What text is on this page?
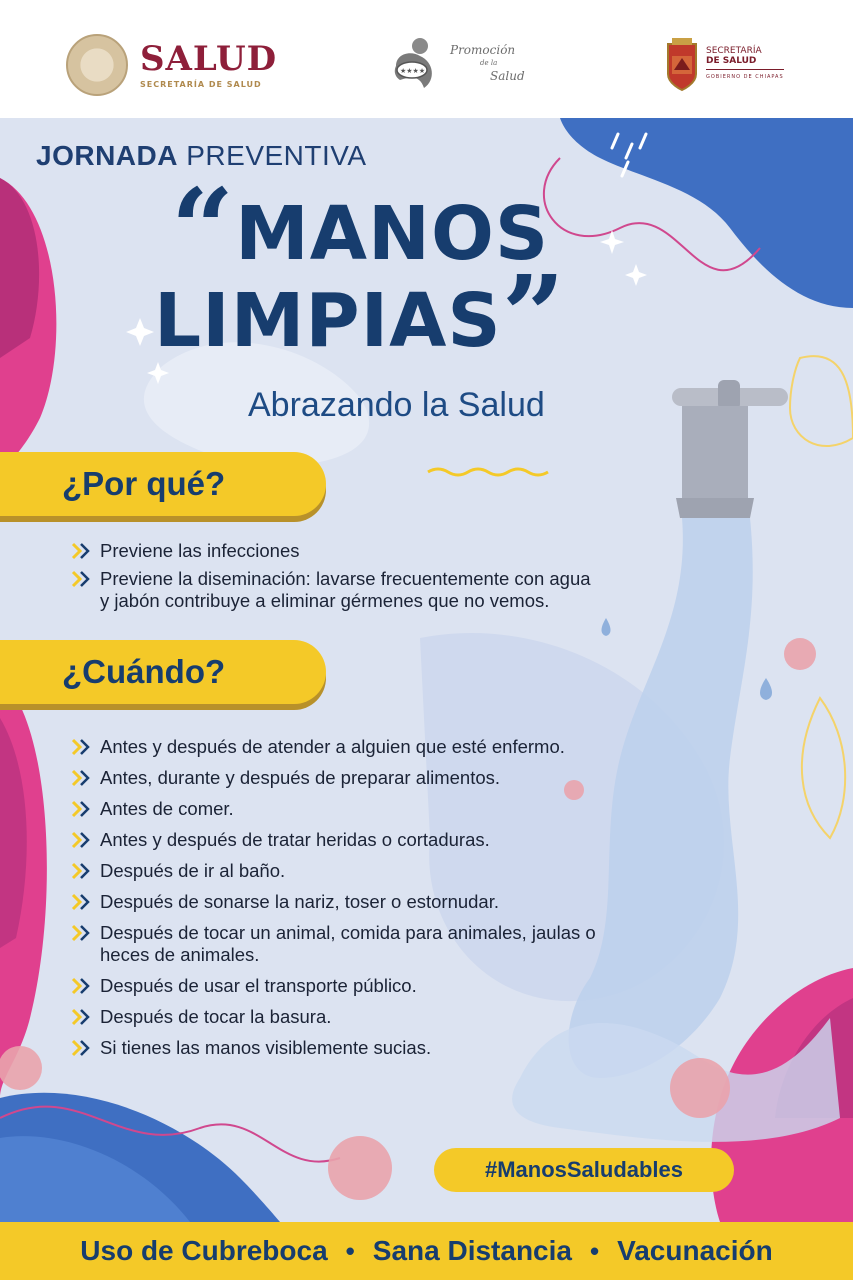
SALUD
SECRETARÍA DE SALUD
★★★★
Promoción
de la
Salud
SECRETARÍA
DE SALUD
GOBIERNO DE CHIAPAS
JORNADA PREVENTIVA
“MANOS
LIMPIAS”
Abrazando la Salud
¿Por qué?
Previene las infecciones
Previene la diseminación: lavarse frecuentemente con agua
y jabón contribuye a eliminar gérmenes que no vemos.
¿Cuándo?
Antes y después de atender a alguien que esté enfermo.
Antes, durante y después de preparar alimentos.
Antes de comer.
Antes y después de tratar heridas o cortaduras.
Después de ir al baño.
Después de sonarse la nariz, toser o estornudar.
Después de tocar un animal, comida para animales, jaulas o
heces de animales.
Después de usar el transporte público.
Después de tocar la basura.
Si tienes las manos visiblemente sucias.
#ManosSaludables
Uso de Cubreboca • Sana Distancia • Vacunación
